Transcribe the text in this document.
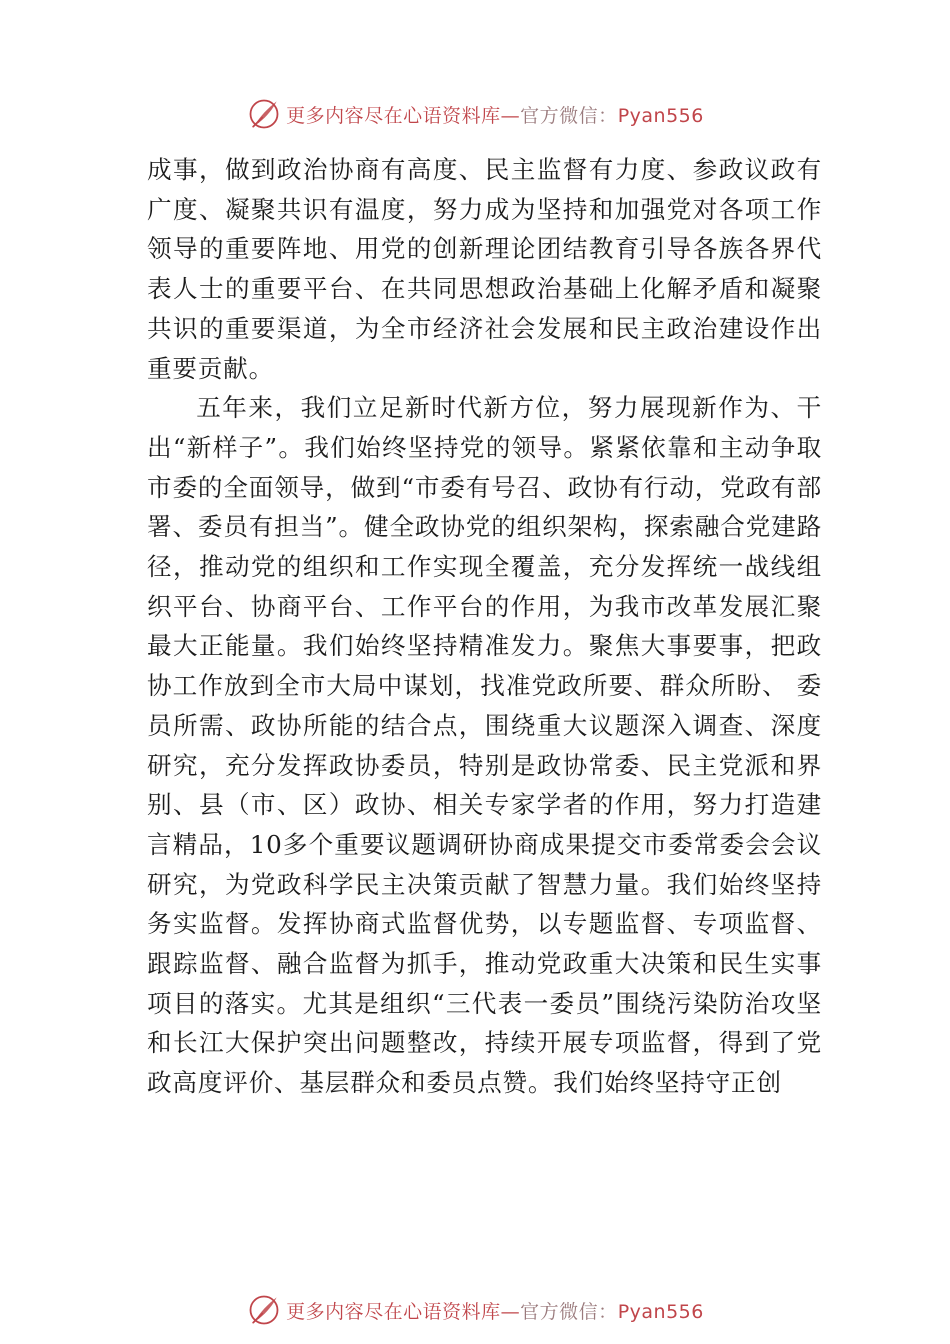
更多内容尽在心语资料库—官方微信：Pyan556

成事，做到政治协商有高度、民主监督有力度、参政议政有广度、凝聚共识有温度，努力成为坚持和加强党对各项工作领导的重要阵地、用党的创新理论团结教育引导各族各界代表人士的重要平台、在共同思想政治基础上化解矛盾和凝聚共识的重要渠道，为全市经济社会发展和民主政治建设作出重要贡献。

五年来，我们立足新时代新方位，努力展现新作为、干出“新样子”。我们始终坚持党的领导。紧紧依靠和主动争取市委的全面领导，做到“市委有号召、政协有行动，党政有部署、委员有担当”。健全政协党的组织架构，探索融合党建路径，推动党的组织和工作实现全覆盖，充分发挥统一战线组织平台、协商平台、工作平台的作用，为我市改革发展汇聚最大正能量。我们始终坚持精准发力。聚焦大事要事，把政协工作放到全市大局中谋划，找准党政所要、群众所盼、 委员所需、政协所能的结合点，围绕重大议题深入调查、深度研究，充分发挥政协委员，特别是政协常委、民主党派和界别、县（市、区）政协、相关专家学者的作用，努力打造建言精品，10多个重要议题调研协商成果提交市委常委会会议研究，为党政科学民主决策贡献了智慧力量。我们始终坚持务实监督。发挥协商式监督优势，以专题监督、专项监督、跟踪监督、融合监督为抓手，推动党政重大决策和民生实事项目的落实。尤其是组织“三代表一委员”围绕污染防治攻坚和长江大保护突出问题整改，持续开展专项监督，得到了党政高度评价、基层群众和委员点赞。我们始终坚持守正创

更多内容尽在心语资料库—官方微信：Pyan556
